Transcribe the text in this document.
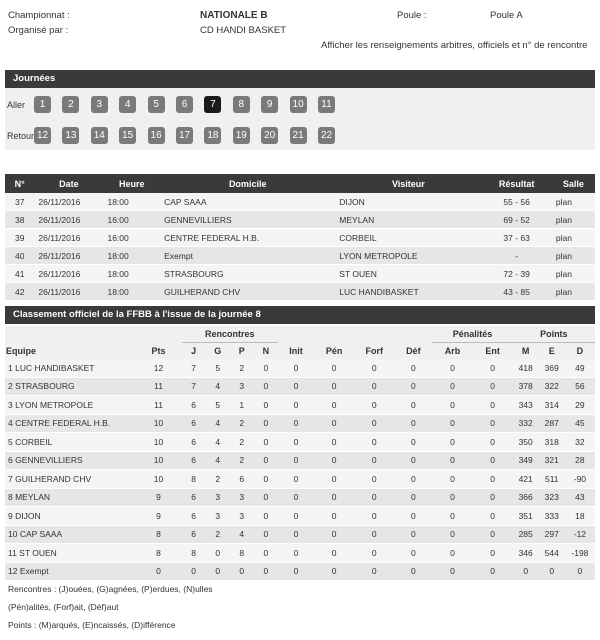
Championnat :	NATIONALE B	Poule :	Poule A
Organisé par :	CD HANDI BASKET
Afficher les renseignements arbitres, officiels et n° de rencontre
Journées
Aller
Retour
1	2	3	4	5	6	7	8	9	10	11
12 13 14 15 16 17 18 19 20 21 22
N°	Date	Heure	Domicile	Visiteur	Résultat	Salle
37	26/11/2016	18:00	CAP SAAA	DIJON	55 - 56	plan
38	26/11/2016	16:00	GENNEVILLIERS	MEYLAN	69 - 52	plan
39	26/11/2016	16:00	CENTRE FEDERAL H.B.	CORBEIL	37 - 63	plan
40	26/11/2016	18:00	Exempt	LYON METROPOLE	-	plan
41	26/11/2016	18:00	STRASBOURG	ST OUEN	72 - 39	plan
42	26/11/2016	18:00	GUILHERAND CHV	LUC HANDIBASKET	43 - 85	plan
Classement officiel de la FFBB à l'issue de la journée 8
		Rencontres								Pénalités		Points		
Equipe	Pts	J	G	P	N	Init	Pén	Forf	Déf	Arb	Ent	M	E	D
1 LUC HANDIBASKET	12	7	5	2	0	0	0	0	0	0	0	418	369	49
2 STRASBOURG	11	7	4	3	0	0	0	0	0	0	0	378	322	56
3 LYON METROPOLE	11	6	5	1	0	0	0	0	0	0	0	343	314	29
4 CENTRE FEDERAL H.B.	10	6	4	2	0	0	0	0	0	0	0	332	287	45
5 CORBEIL	10	6	4	2	0	0	0	0	0	0	0	350	318	32
6 GENNEVILLIERS	10	6	4	2	0	0	0	0	0	0	0	349	321	28
7 GUILHERAND CHV	10	8	2	6	0	0	0	0	0	0	0	421	511	-90
8 MEYLAN	9	6	3	3	0	0	0	0	0	0	0	366	323	43
9 DIJON	9	6	3	3	0	0	0	0	0	0	0	351	333	18
10 CAP SAAA	8	6	2	4	0	0	0	0	0	0	0	285	297	-12
11 ST OUEN	8	8	0	8	0	0	0	0	0	0	0	346	544	-198
12 Exempt	0	0	0	0	0	0	0	0	0	0	0	0	0	0
Rencontres : (J)ouées, (G)agnées, (P)erdues, (N)ulles
(Pén)alités, (Forf)ait, (Déf)aut
Points : (M)arqués, (E)ncaissés, (D)ifférence
